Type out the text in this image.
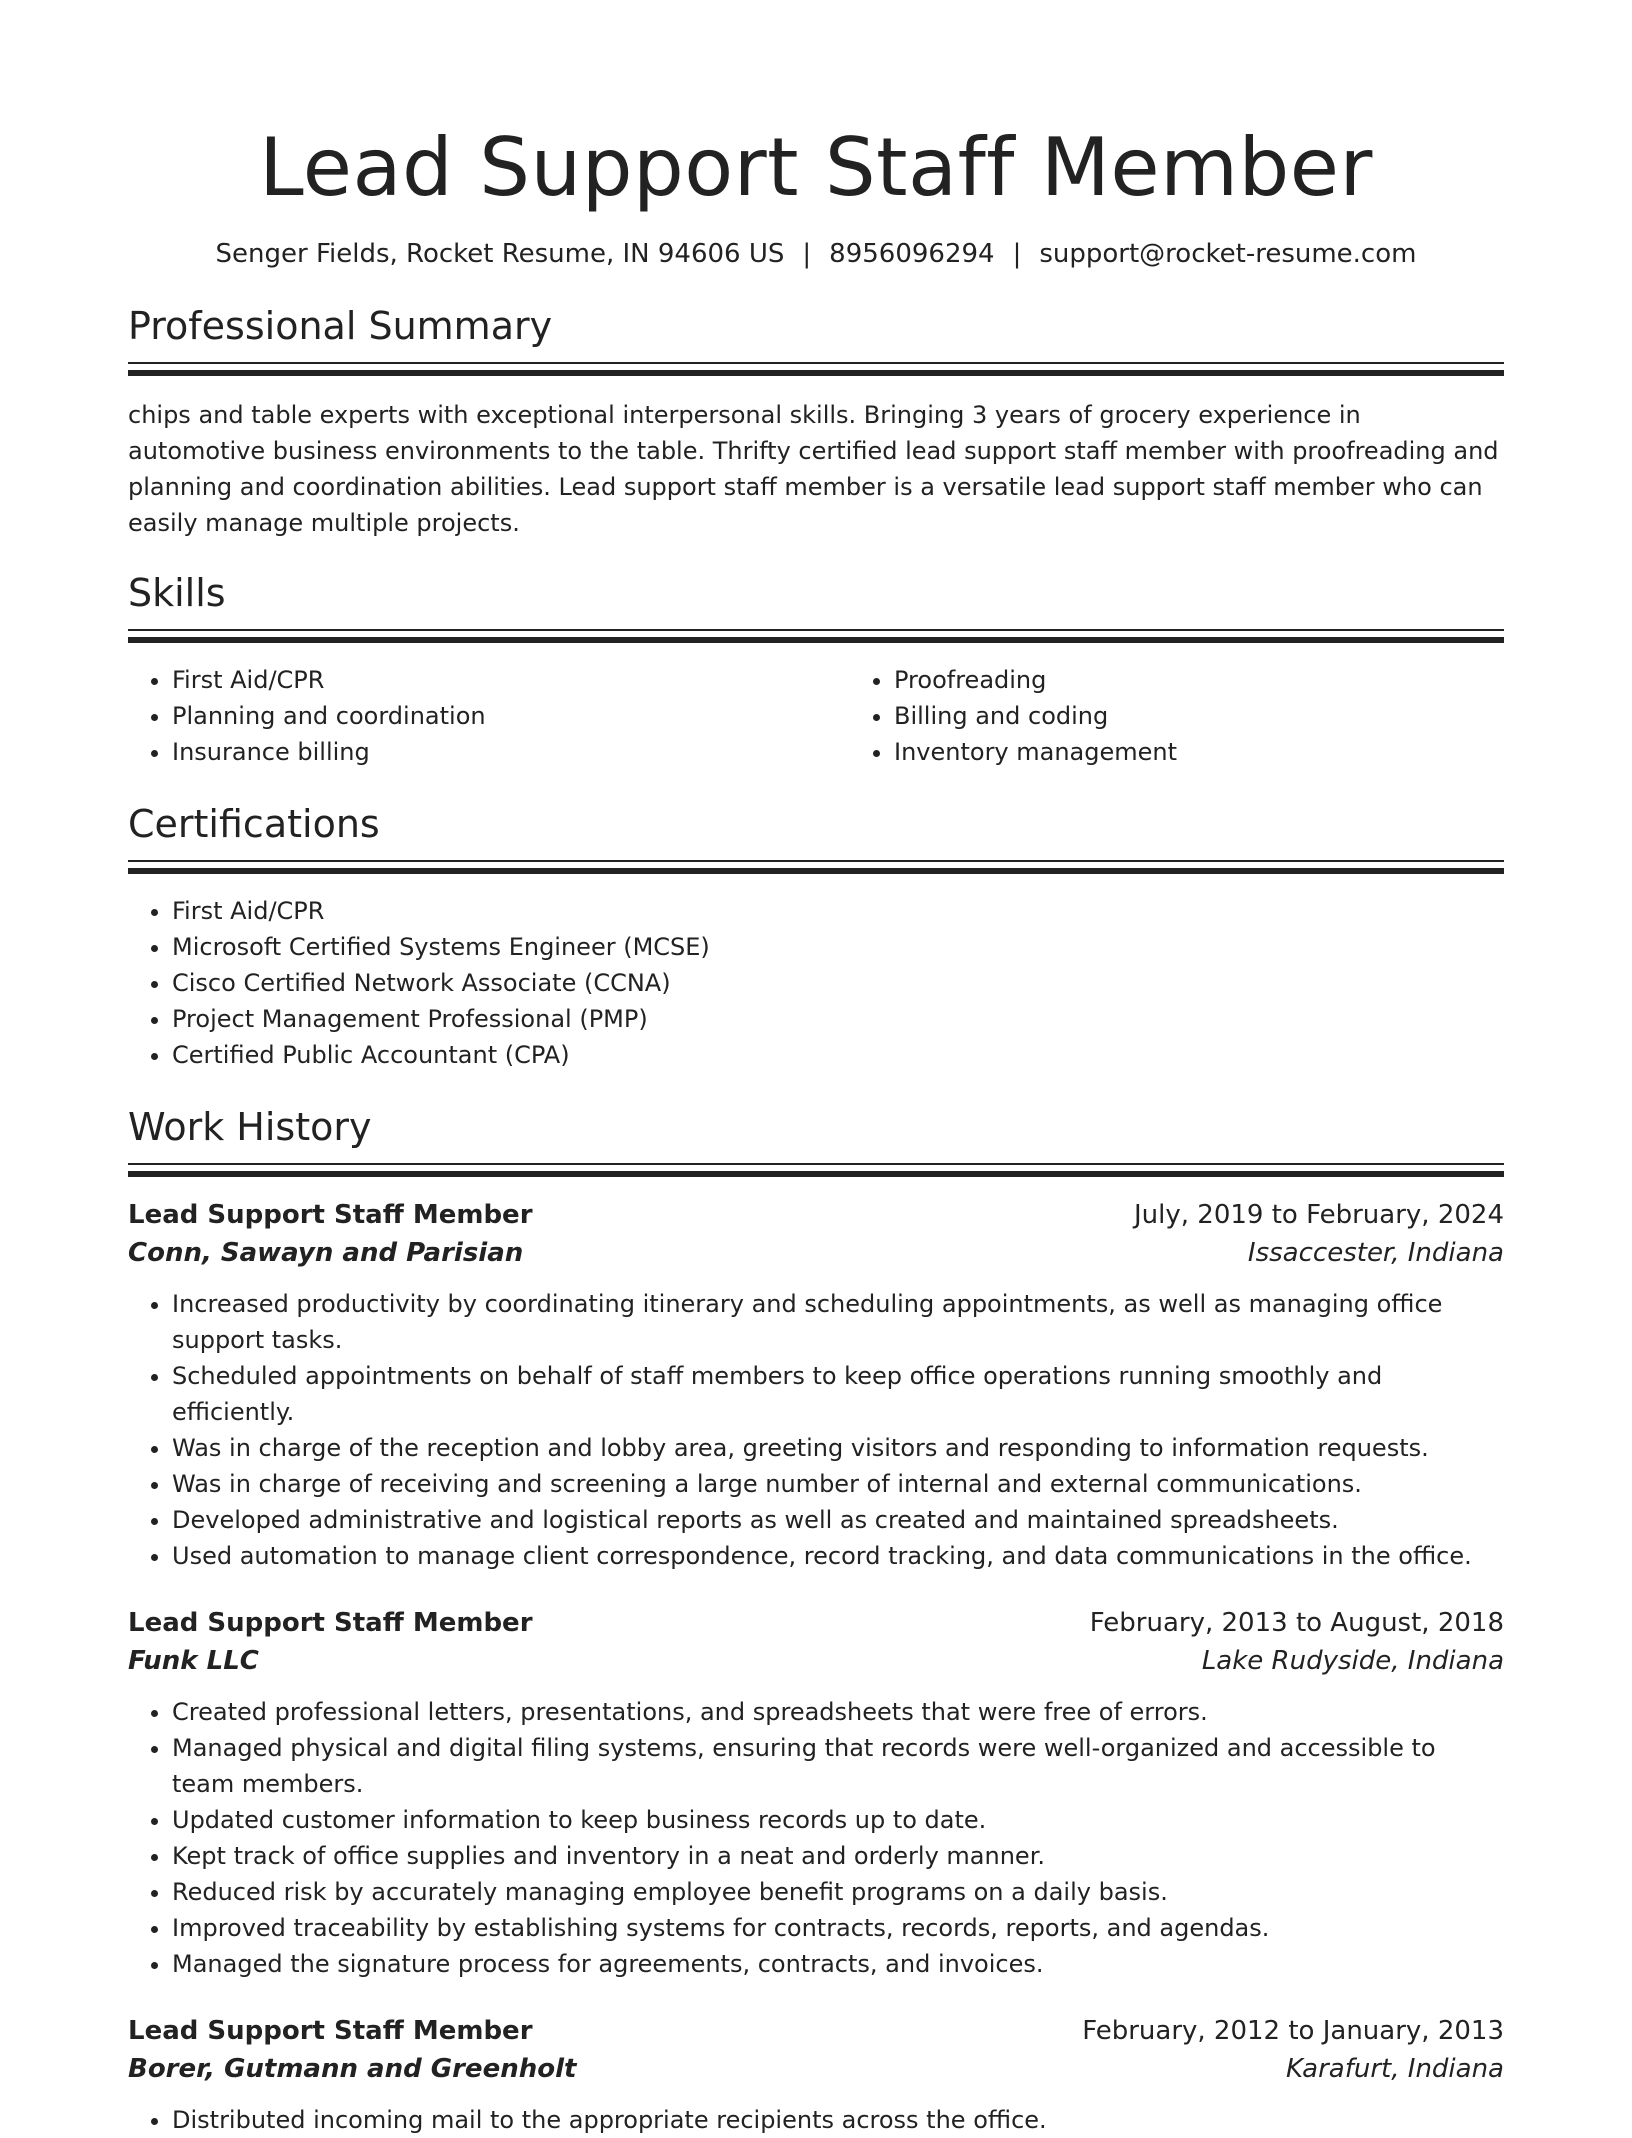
Lead Support Staff Member
Senger Fields, Rocket Resume, IN 94606 US | 8956096294 | support@rocket-resume.com
Professional Summary
chips and table experts with exceptional interpersonal skills. Bringing 3 years of grocery experience in automotive business environments to the table. Thrifty certified lead support staff member with proofreading and planning and coordination abilities. Lead support staff member is a versatile lead support staff member who can easily manage multiple projects.
Skills
• First Aid/CPR
• Planning and coordination
• Insurance billing
• Proofreading
• Billing and coding
• Inventory management
Certifications
• First Aid/CPR
• Microsoft Certified Systems Engineer (MCSE)
• Cisco Certified Network Associate (CCNA)
• Project Management Professional (PMP)
• Certified Public Accountant (CPA)
Work History
Lead Support Staff Member	July, 2019 to February, 2024
Conn, Sawayn and Parisian	Issaccester, Indiana
• Increased productivity by coordinating itinerary and scheduling appointments, as well as managing office support tasks.
• Scheduled appointments on behalf of staff members to keep office operations running smoothly and efficiently.
• Was in charge of the reception and lobby area, greeting visitors and responding to information requests.
• Was in charge of receiving and screening a large number of internal and external communications.
• Developed administrative and logistical reports as well as created and maintained spreadsheets.
• Used automation to manage client correspondence, record tracking, and data communications in the office.
Lead Support Staff Member	February, 2013 to August, 2018
Funk LLC	Lake Rudyside, Indiana
• Created professional letters, presentations, and spreadsheets that were free of errors.
• Managed physical and digital filing systems, ensuring that records were well-organized and accessible to team members.
• Updated customer information to keep business records up to date.
• Kept track of office supplies and inventory in a neat and orderly manner.
• Reduced risk by accurately managing employee benefit programs on a daily basis.
• Improved traceability by establishing systems for contracts, records, reports, and agendas.
• Managed the signature process for agreements, contracts, and invoices.
Lead Support Staff Member	February, 2012 to January, 2013
Borer, Gutmann and Greenholt	Karafurt, Indiana
• Distributed incoming mail to the appropriate recipients across the office.
